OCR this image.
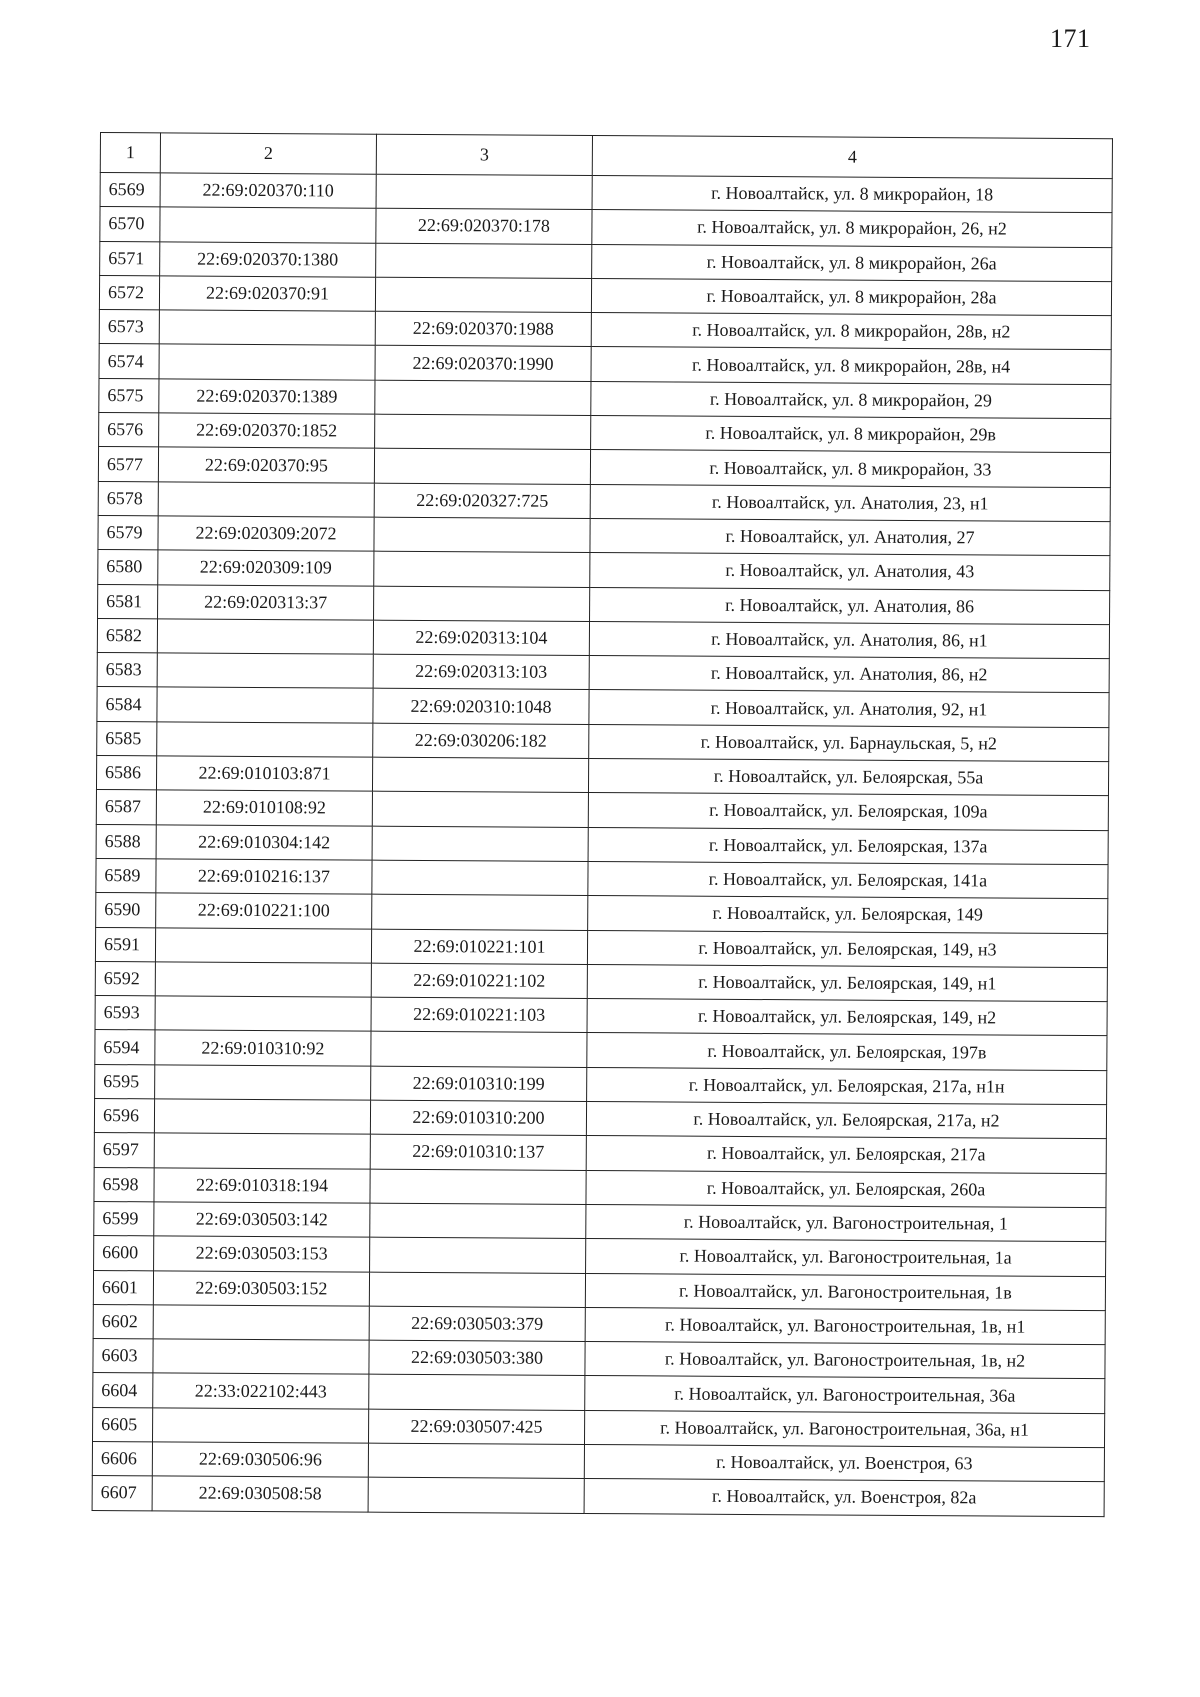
171
1	2	3	4
6569	22:69:020370:110		г. Новоалтайск, ул. 8 микрорайон, 18
6570		22:69:020370:178	г. Новоалтайск, ул. 8 микрорайон, 26, н2
6571	22:69:020370:1380		г. Новоалтайск, ул. 8 микрорайон, 26а
6572	22:69:020370:91		г. Новоалтайск, ул. 8 микрорайон, 28а
6573		22:69:020370:1988	г. Новоалтайск, ул. 8 микрорайон, 28в, н2
6574		22:69:020370:1990	г. Новоалтайск, ул. 8 микрорайон, 28в, н4
6575	22:69:020370:1389		г. Новоалтайск, ул. 8 микрорайон, 29
6576	22:69:020370:1852		г. Новоалтайск, ул. 8 микрорайон, 29в
6577	22:69:020370:95		г. Новоалтайск, ул. 8 микрорайон, 33
6578		22:69:020327:725	г. Новоалтайск, ул. Анатолия, 23, н1
6579	22:69:020309:2072		г. Новоалтайск, ул. Анатолия, 27
6580	22:69:020309:109		г. Новоалтайск, ул. Анатолия, 43
6581	22:69:020313:37		г. Новоалтайск, ул. Анатолия, 86
6582		22:69:020313:104	г. Новоалтайск, ул. Анатолия, 86, н1
6583		22:69:020313:103	г. Новоалтайск, ул. Анатолия, 86, н2
6584		22:69:020310:1048	г. Новоалтайск, ул. Анатолия, 92, н1
6585		22:69:030206:182	г. Новоалтайск, ул. Барнаульская, 5, н2
6586	22:69:010103:871		г. Новоалтайск, ул. Белоярская, 55а
6587	22:69:010108:92		г. Новоалтайск, ул. Белоярская, 109а
6588	22:69:010304:142		г. Новоалтайск, ул. Белоярская, 137а
6589	22:69:010216:137		г. Новоалтайск, ул. Белоярская, 141а
6590	22:69:010221:100		г. Новоалтайск, ул. Белоярская, 149
6591		22:69:010221:101	г. Новоалтайск, ул. Белоярская, 149, н3
6592		22:69:010221:102	г. Новоалтайск, ул. Белоярская, 149, н1
6593		22:69:010221:103	г. Новоалтайск, ул. Белоярская, 149, н2
6594	22:69:010310:92		г. Новоалтайск, ул. Белоярская, 197в
6595		22:69:010310:199	г. Новоалтайск, ул. Белоярская, 217а, н1н
6596		22:69:010310:200	г. Новоалтайск, ул. Белоярская, 217а, н2
6597		22:69:010310:137	г. Новоалтайск, ул. Белоярская, 217а
6598	22:69:010318:194		г. Новоалтайск, ул. Белоярская, 260а
6599	22:69:030503:142		г. Новоалтайск, ул. Вагоностроительная, 1
6600	22:69:030503:153		г. Новоалтайск, ул. Вагоностроительная, 1а
6601	22:69:030503:152		г. Новоалтайск, ул. Вагоностроительная, 1в
6602		22:69:030503:379	г. Новоалтайск, ул. Вагоностроительная, 1в, н1
6603		22:69:030503:380	г. Новоалтайск, ул. Вагоностроительная, 1в, н2
6604	22:33:022102:443		г. Новоалтайск, ул. Вагоностроительная, 36а
6605		22:69:030507:425	г. Новоалтайск, ул. Вагоностроительная, 36а, н1
6606	22:69:030506:96		г. Новоалтайск, ул. Военстроя, 63
6607	22:69:030508:58		г. Новоалтайск, ул. Военстроя, 82а
